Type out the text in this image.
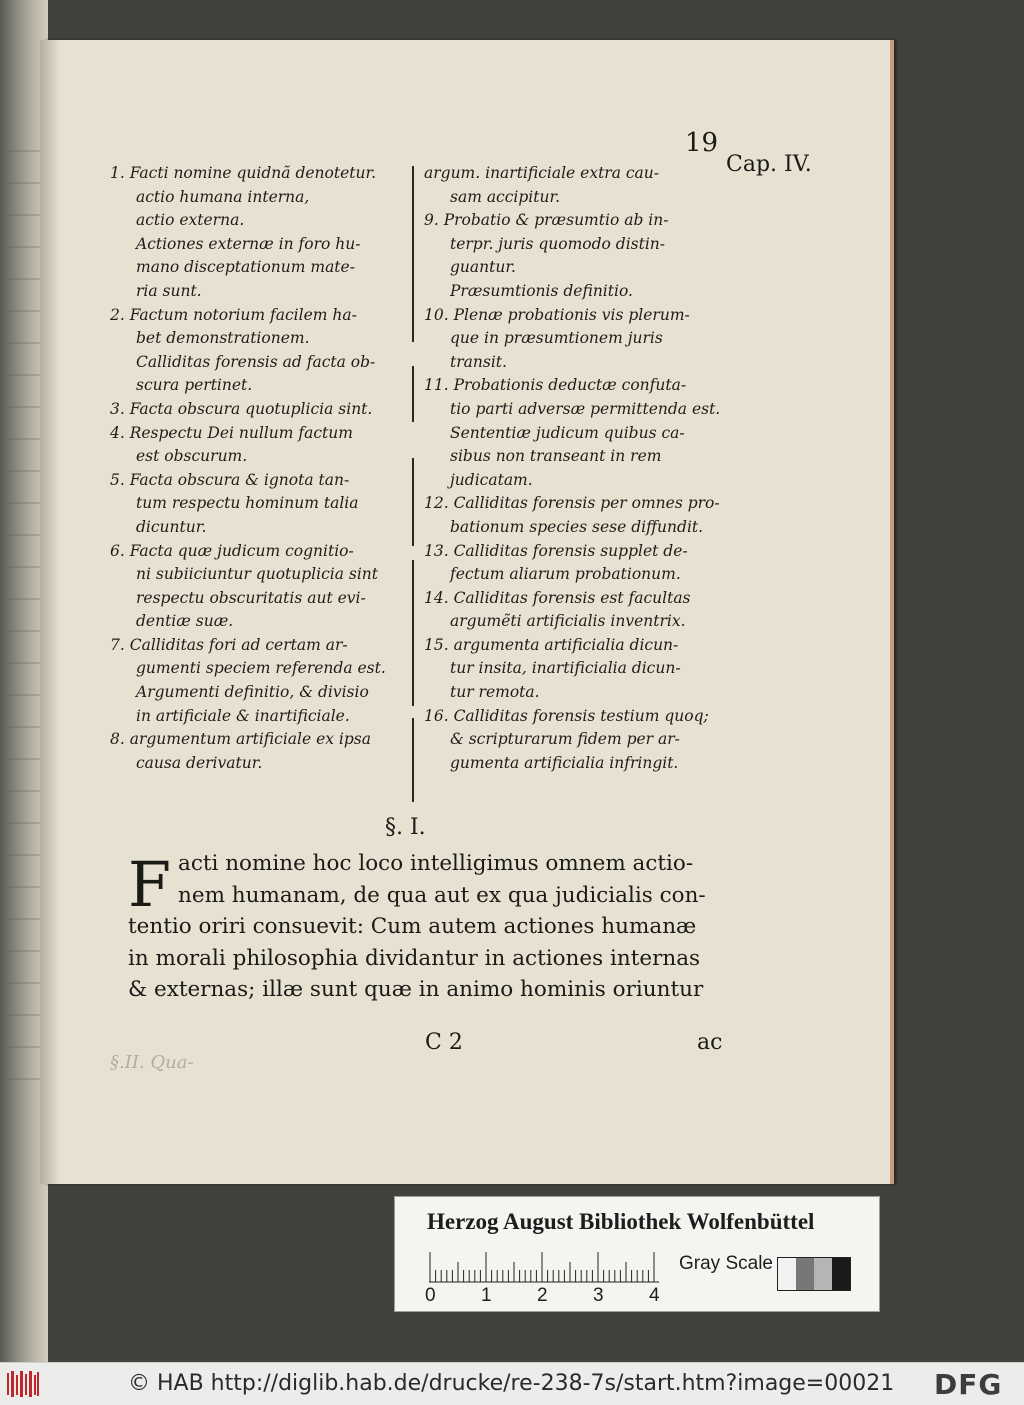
19
Cap. IV.
1. Facti nomine quidnã denotetur.
actio humana interna,
actio externa.
Actiones externæ in foro hu-
mano disceptationum mate-
ria sunt.
2. Factum notorium facilem ha-
bet demonstrationem.
Calliditas forensis ad facta ob-
scura pertinet.
3. Facta obscura quotuplicia sint.
4. Respectu Dei nullum factum
est obscurum.
5. Facta obscura & ignota tan-
tum respectu hominum talia
dicuntur.
6. Facta quæ judicum cognitio-
ni subiiciuntur quotuplicia sint
respectu obscuritatis aut evi-
dentiæ suæ.
7. Calliditas fori ad certam ar-
gumenti speciem referenda est.
Argumenti definitio, & divisio
in artificiale & inartificiale.
8. argumentum artificiale ex ipsa
causa derivatur.
argum. inartificiale extra cau-
sam accipitur.
9. Probatio & præsumtio ab in-
terpr. juris quomodo distin-
guantur.
Præsumtionis definitio.
10. Plenæ probationis vis plerum-
que in præsumtionem juris
transit.
11. Probationis deductæ confuta-
tio parti adversæ permittenda est.
Sententiæ judicum quibus ca-
sibus non transeant in rem
judicatam.
12. Calliditas forensis per omnes pro-
bationum species sese diffundit.
13. Calliditas forensis supplet de-
fectum aliarum probationum.
14. Calliditas forensis est facultas
argumẽti artificialis inventrix.
15. argumenta artificialia dicun-
tur insita, inartificialia dicun-
tur remota.
16. Calliditas forensis testium quoq;
& scripturarum fidem per ar-
gumenta artificialia infringit.
§. I.
F acti nomine hoc loco intelligimus omnem actio-
nem humanam, de qua aut ex qua judicialis con-
tentio oriri consuevit: Cum autem actiones humanæ
in morali philosophia dividantur in actiones internas
& externas; illæ sunt quæ in animo hominis oriuntur
C 2	ac
§.II. Qua-
Herzog August Bibliothek Wolfenbüttel
0 1 2 3 4
Gray Scale
© HAB http://diglib.hab.de/drucke/re-238-7s/start.htm?image=00021 DFG
